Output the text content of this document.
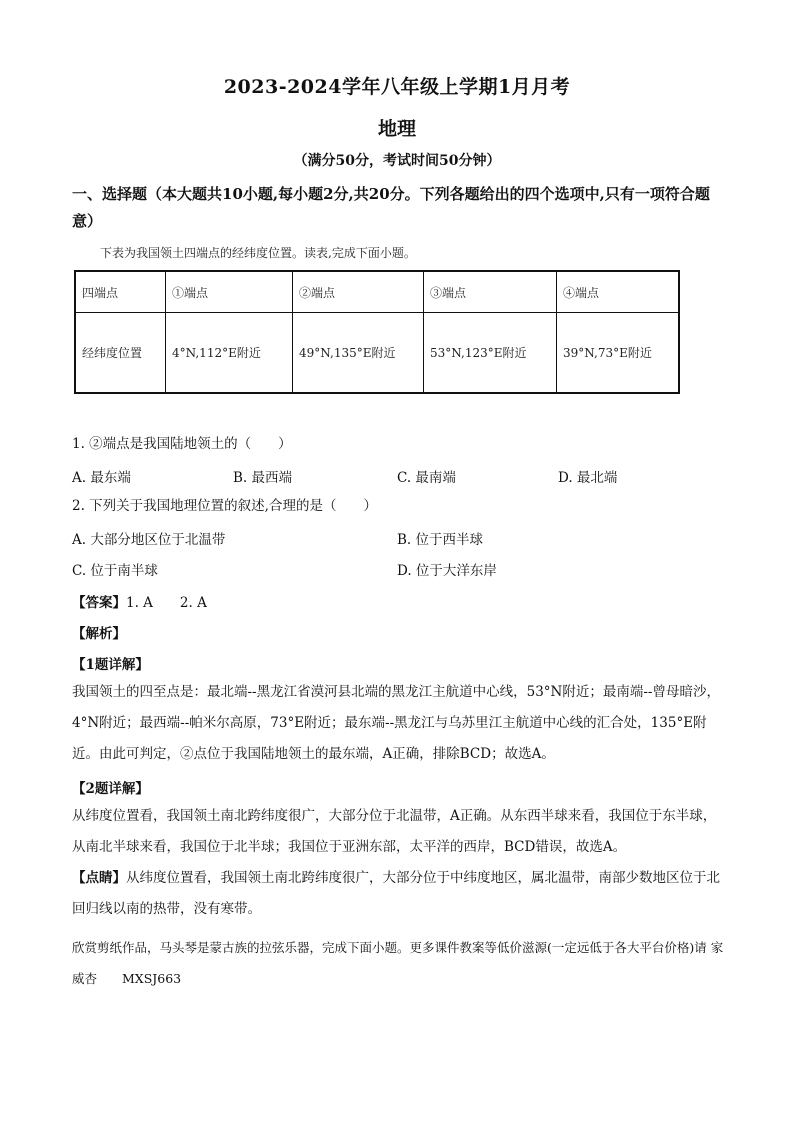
2023-2024学年八年级上学期1月月考
地理
（满分50分，考试时间50分钟）
一、选择题（本大题共10小题,每小题2分,共20分。下列各题给出的四个选项中,只有一项符合题意）
下表为我国领土四端点的经纬度位置。读表,完成下面小题。
四端点	①端点	②端点	③端点	④端点
经纬度位置	4°N,112°E附近	49°N,135°E附近	53°N,123°E附近	39°N,73°E附近
1. ②端点是我国陆地领土的（　　）
A. 最东端	B. 最西端	C. 最南端	D. 最北端
2. 下列关于我国地理位置的叙述,合理的是（　　）
A. 大部分地区位于北温带	B. 位于西半球
C. 位于南半球	D. 位于大洋东岸
【答案】1. A　　2. A
【解析】
【1题详解】
我国领土的四至点是：最北端--黑龙江省漠河县北端的黑龙江主航道中心线，53°N附近；最南端--曾母暗沙，4°N附近；最西端--帕米尔高原，73°E附近；最东端--黑龙江与乌苏里江主航道中心线的汇合处，135°E附近。由此可判定，②点位于我国陆地领土的最东端，A正确，排除BCD；故选A。
【2题详解】
从纬度位置看，我国领土南北跨纬度很广，大部分位于北温带，A正确。从东西半球来看，我国位于东半球，从南北半球来看，我国位于北半球；我国位于亚洲东部，太平洋的西岸，BCD错误，故选A。
【点睛】从纬度位置看，我国领土南北跨纬度很广，大部分位于中纬度地区，属北温带，南部少数地区位于北回归线以南的热带，没有寒带。
欣赏剪纸作品，马头琴是蒙古族的拉弦乐器，完成下面小题。更多课件教案等低价滋源(一定远低于各大平台价格)请 家 威杏　　MXSJ663
